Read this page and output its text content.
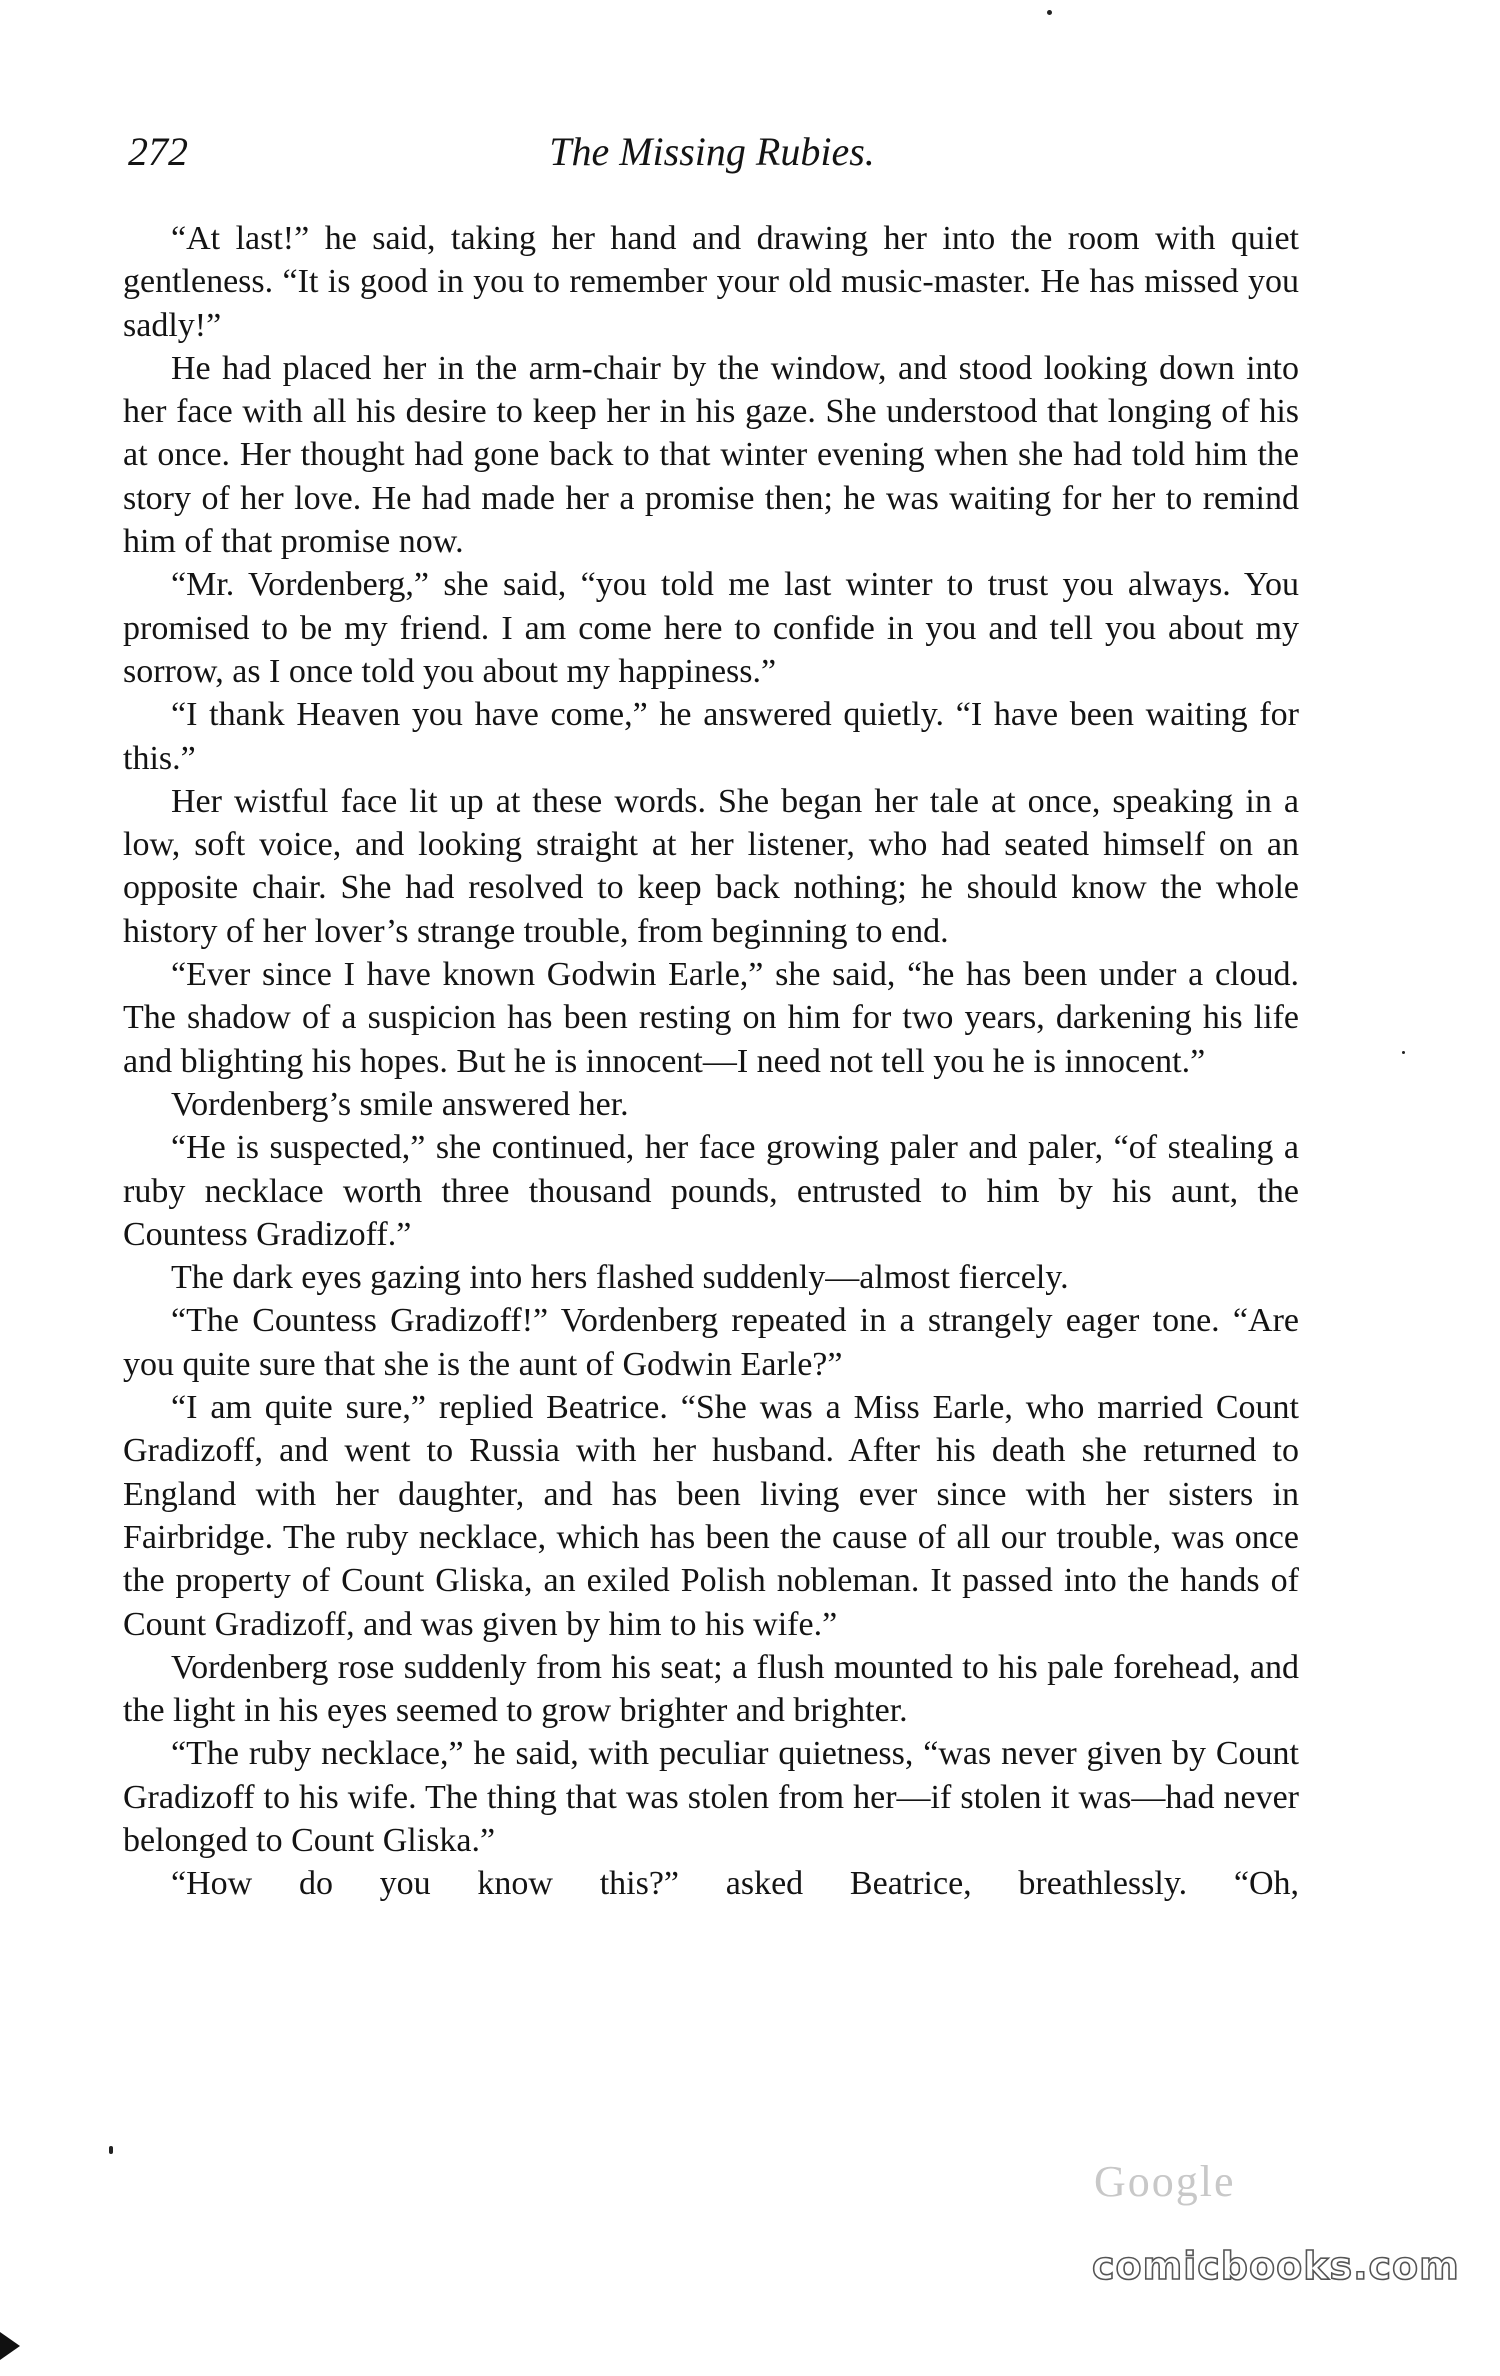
272	The Missing Rubies.

“At last!” he said, taking her hand and drawing her into the room with quiet gentleness. “It is good in you to remember your old music-master. He has missed you sadly!”

He had placed her in the arm-chair by the window, and stood looking down into her face with all his desire to keep her in his gaze. She understood that longing of his at once. Her thought had gone back to that winter evening when she had told him the story of her love. He had made her a promise then; he was waiting for her to remind him of that promise now.

“Mr. Vordenberg,” she said, “you told me last winter to trust you always. You promised to be my friend. I am come here to confide in you and tell you about my sorrow, as I once told you about my happiness.”

“I thank Heaven you have come,” he answered quietly. “I have been waiting for this.”

Her wistful face lit up at these words. She began her tale at once, speaking in a low, soft voice, and looking straight at her listener, who had seated himself on an opposite chair. She had resolved to keep back nothing; he should know the whole history of her lover’s strange trouble, from beginning to end.

“Ever since I have known Godwin Earle,” she said, “he has been under a cloud. The shadow of a suspicion has been resting on him for two years, darkening his life and blighting his hopes. But he is innocent—I need not tell you he is innocent.”

Vordenberg’s smile answered her.

“He is suspected,” she continued, her face growing paler and paler, “of stealing a ruby necklace worth three thousand pounds, entrusted to him by his aunt, the Countess Gradizoff.”

The dark eyes gazing into hers flashed suddenly—almost fiercely.

“The Countess Gradizoff!” Vordenberg repeated in a strangely eager tone. “Are you quite sure that she is the aunt of Godwin Earle?”

“I am quite sure,” replied Beatrice. “She was a Miss Earle, who married Count Gradizoff, and went to Russia with her husband. After his death she returned to England with her daughter, and has been living ever since with her sisters in Fairbridge. The ruby necklace, which has been the cause of all our trouble, was once the property of Count Gliska, an exiled Polish nobleman. It passed into the hands of Count Gradizoff, and was given by him to his wife.”

Vordenberg rose suddenly from his seat; a flush mounted to his pale forehead, and the light in his eyes seemed to grow brighter and brighter.

“The ruby necklace,” he said, with peculiar quietness, “was never given by Count Gradizoff to his wife. The thing that was stolen from her—if stolen it was—had never belonged to Count Gliska.”

“How do you know this?” asked Beatrice, breathlessly. “Oh,

Google
comicbooks.com
